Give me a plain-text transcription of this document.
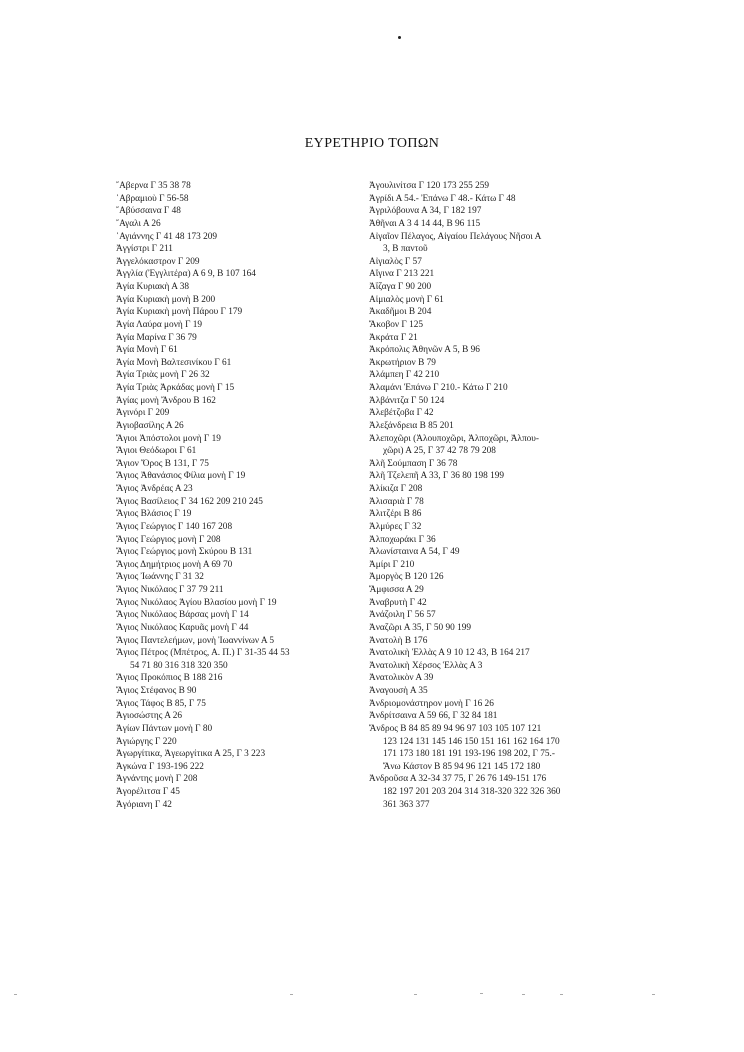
ΕΥΡΕΤΗΡΙΟ ΤΟΠΩΝ
῎Αβερνα Γ 35 38 78
῾Αβραμιοὺ Γ 56-58
῎Αβύσσαινα Γ 48
῎Αγαλι Α 26
῾Αγιάννης Γ 41 48 173 209
Ἀγγίστρι Γ 211
Ἀγγελόκαστρον Γ 209
Ἀγγλία (Ἐγγλιτέρα) Α 6 9, Β 107 164
Ἁγία Κυριακὴ Α 38
Ἁγία Κυριακὴ μονὴ Β 200
Ἁγία Κυριακὴ μονὴ Πάρου Γ 179
Ἁγία Λαύρα μονὴ Γ 19
Ἁγία Μαρίνα Γ 36 79
Ἁγία Μονὴ Γ 61
Ἁγία Μονὴ Βαλτεσινίκου Γ 61
Ἁγία Τριὰς μονὴ Γ 26 32
Ἁγία Τριὰς Ἀρκάδας μονὴ Γ 15
Ἁγίας μονὴ Ἄνδρου Β 162
Ἀγινόρι Γ 209
Ἀγιοβασίλης Α 26
Ἅγιοι Ἀπόστολοι μονὴ Γ 19
Ἅγιοι Θεόδωροι Γ 61
Ἅγιον Ὄρος Β 131, Γ 75
Ἅγιος Ἀθανάσιος Φίλια μονὴ Γ 19
Ἅγιος Ἀνδρέας Α 23
Ἅγιος Βασίλειος Γ 34 162 209 210 245
Ἅγιος Βλάσιος Γ 19
Ἅγιος Γεώργιος Γ 140 167 208
Ἅγιος Γεώργιος μονὴ Γ 208
Ἅγιος Γεώργιος μονὴ Σκύρου Β 131
Ἅγιος Δημήτριος μονὴ Α 69 70
Ἅγιος Ἰωάννης Γ 31 32
Ἅγιος Νικόλαος Γ 37 79 211
Ἅγιος Νικόλαος Ἁγίου Βλασίου μονὴ Γ 19
Ἅγιος Νικόλαος Βάρσας μονὴ Γ 14
Ἅγιος Νικόλαος Καρυᾶς μονὴ Γ 44
Ἅγιος Παντελεήμων, μονὴ Ἰωαννίνων Α 5
Ἅγιος Πέτρος (Μπέτρος, Α. Π.) Γ 31-35 44 53
54 71 80 316 318 320 350
Ἅγιος Προκόπιος Β 188 216
Ἅγιος Στέφανος Β 90
Ἅγιος Τάφος Β 85, Γ 75
Ἁγιοσώστης Α 26
Ἁγίων Πάντων μονὴ Γ 80
Ἀγιώργης Γ 220
Ἀγωργίτικα, Ἀγεωργίτικα Α 25, Γ 3 223
Ἀγκώνα Γ 193-196 222
Ἀγνάντης μονὴ Γ 208
Ἀγορέλιτσα Γ 45
Ἀγόριανη Γ 42
Ἀγουλινίτσα Γ 120 173 255 259
Ἀγρίδι Α 54.- Ἐπάνω Γ 48.- Κάτω Γ 48
Ἀγριλόβουνα Α 34, Γ 182 197
Ἀθῆναι Α 3 4 14 44, Β 96 115
Αἰγαῖον Πέλαγος, Αἰγαίου Πελάγους Νῆσοι Α
3, Β παντοῦ
Αἰγιαλὸς Γ 57
Αἴγινα Γ 213 221
Ἀΐζαγα Γ 90 200
Αἱμιαλὸς μονὴ Γ 61
Ἀκαδῆμοι Β 204
Ἄκοβον Γ 125
Ἀκράτα Γ 21
Ἀκρόπολις Ἀθηνῶν Α 5, Β 96
Ἀκρωτήριον Β 79
Ἀλάμπεη Γ 42 210
Ἀλαμάνι Ἐπάνω Γ 210.- Κάτω Γ 210
Ἀλβάνιτζα Γ 50 124
Ἀλεβέτζοβα Γ 42
Ἀλεξάνδρεια Β 85 201
Ἀλεποχῶρι (Ἀλουποχῶρι, Ἀλποχῶρι, Ἀλπου-
χῶρι) Α 25, Γ 37 42 78 79 208
Ἀλῆ Σούμπαση Γ 36 78
Ἀλῆ Τζελεπῆ Α 33, Γ 36 80 198 199
Ἀλίκιζα Γ 208
Ἀλισαριὰ Γ 78
Ἀλιτζέρι Β 86
Ἁλμύρες Γ 32
Ἀλποχωράκι Γ 36
Ἀλωνίσταινα Α 54, Γ 49
Ἀμίρι Γ 210
Ἀμοργὸς Β 120 126
Ἄμφισσα Α 29
Ἀναβρυτὴ Γ 42
Ἀνάζοιλη Γ 56 57
Ἀναζῶρι Α 35, Γ 50 90 199
Ἀνατολὴ Β 176
Ἀνατολικὴ Ἑλλὰς Α 9 10 12 43, Β 164 217
Ἀνατολικὴ Χέρσος Ἑλλὰς Α 3
Ἀνατολικὸν Α 39
Ἀναγουσὴ Α 35
Ἀνδριομονάστηρον μονὴ Γ 16 26
Ἀνδρίτσαινα Α 59 66, Γ 32 84 181
Ἄνδρος Β 84 85 89 94 96 97 103 105 107 121
123 124 131 145 146 150 151 161 162 164 170
171 173 180 181 191 193-196 198 202, Γ 75.-
Ἄνω Κάστον Β 85 94 96 121 145 172 180
Ἀνδροῦσα Α 32-34 37 75, Γ 26 76 149-151 176
182 197 201 203 204 314 318-320 322 326 360
361 363 377
